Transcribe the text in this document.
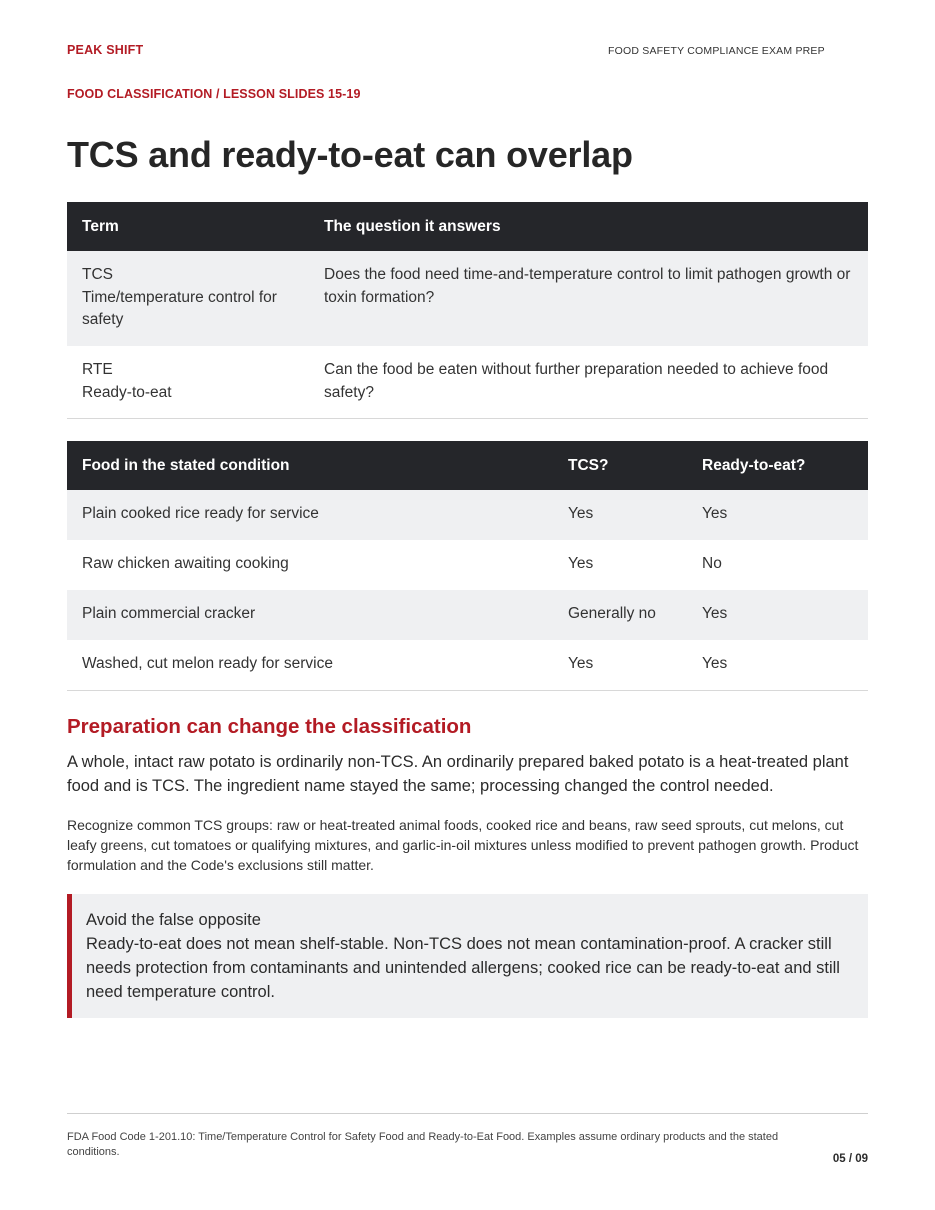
PEAK SHIFT	FOOD SAFETY COMPLIANCE EXAM PREP
FOOD CLASSIFICATION / LESSON SLIDES 15-19
TCS and ready-to-eat can overlap
Term	The question it answers
TCS
Time/temperature control for safety	Does the food need time-and-temperature control to limit pathogen growth or toxin formation?
RTE
Ready-to-eat	Can the food be eaten without further preparation needed to achieve food safety?
Food in the stated condition	TCS?	Ready-to-eat?
Plain cooked rice ready for service	Yes	Yes
Raw chicken awaiting cooking	Yes	No
Plain commercial cracker	Generally no	Yes
Washed, cut melon ready for service	Yes	Yes
Preparation can change the classification

A whole, intact raw potato is ordinarily non-TCS. An ordinarily prepared baked potato is a heat-treated plant food and is TCS. The ingredient name stayed the same; processing changed the control needed.

Recognize common TCS groups: raw or heat-treated animal foods, cooked rice and beans, raw seed sprouts, cut melons, cut leafy greens, cut tomatoes or qualifying mixtures, and garlic-in-oil mixtures unless modified to prevent pathogen growth. Product formulation and the Code's exclusions still matter.

Avoid the false opposite
Ready-to-eat does not mean shelf-stable. Non-TCS does not mean contamination-proof. A cracker still needs protection from contaminants and unintended allergens; cooked rice can be ready-to-eat and still need temperature control.
FDA Food Code 1-201.10: Time/Temperature Control for Safety Food and Ready-to-Eat Food. Examples assume ordinary products and the stated conditions.
05 / 09
